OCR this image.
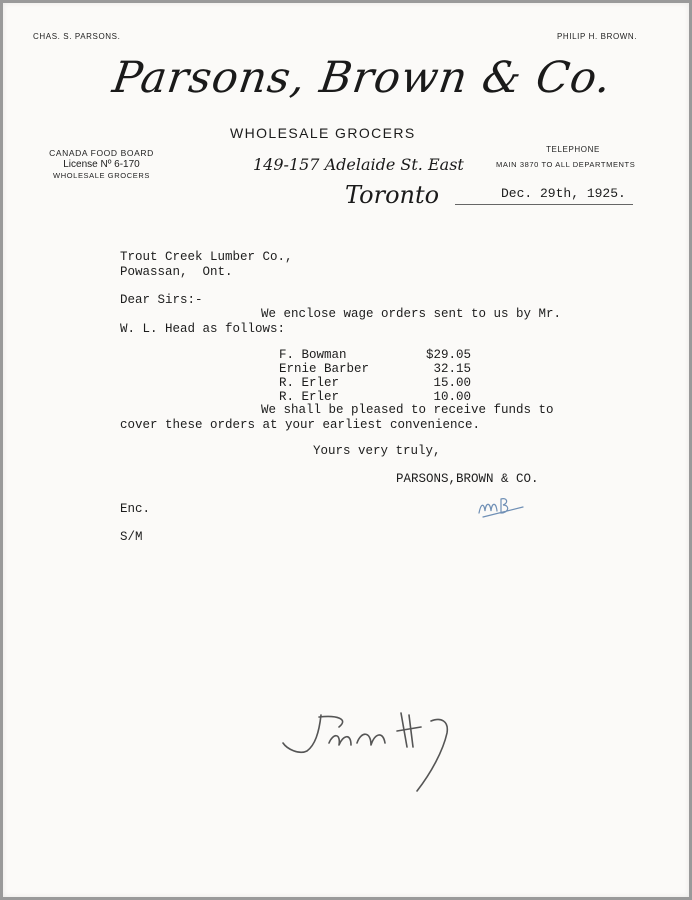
CHAS. S. PARSONS.	PHILIP H. BROWN.
Parsons, Brown & Co.
WHOLESALE GROCERS
CANADA FOOD BOARD
License Nº 6-170
WHOLESALE GROCERS
149-157 Adelaide St. East
Toronto
TELEPHONE
MAIN 3870 TO ALL DEPARTMENTS
Dec. 29th, 1925.
Trout Creek Lumber Co.,
Powassan,  Ont.
Dear Sirs:-
We enclose wage orders sent to us by Mr.
W. L. Head as follows:
F. Bowman	$29.05
Ernie Barber	32.15
R. Erler	15.00
R. Erler	10.00
We shall be pleased to receive funds to
cover these orders at your earliest convenience.
Yours very truly,
PARSONS,BROWN & CO.
Enc.
S/M
